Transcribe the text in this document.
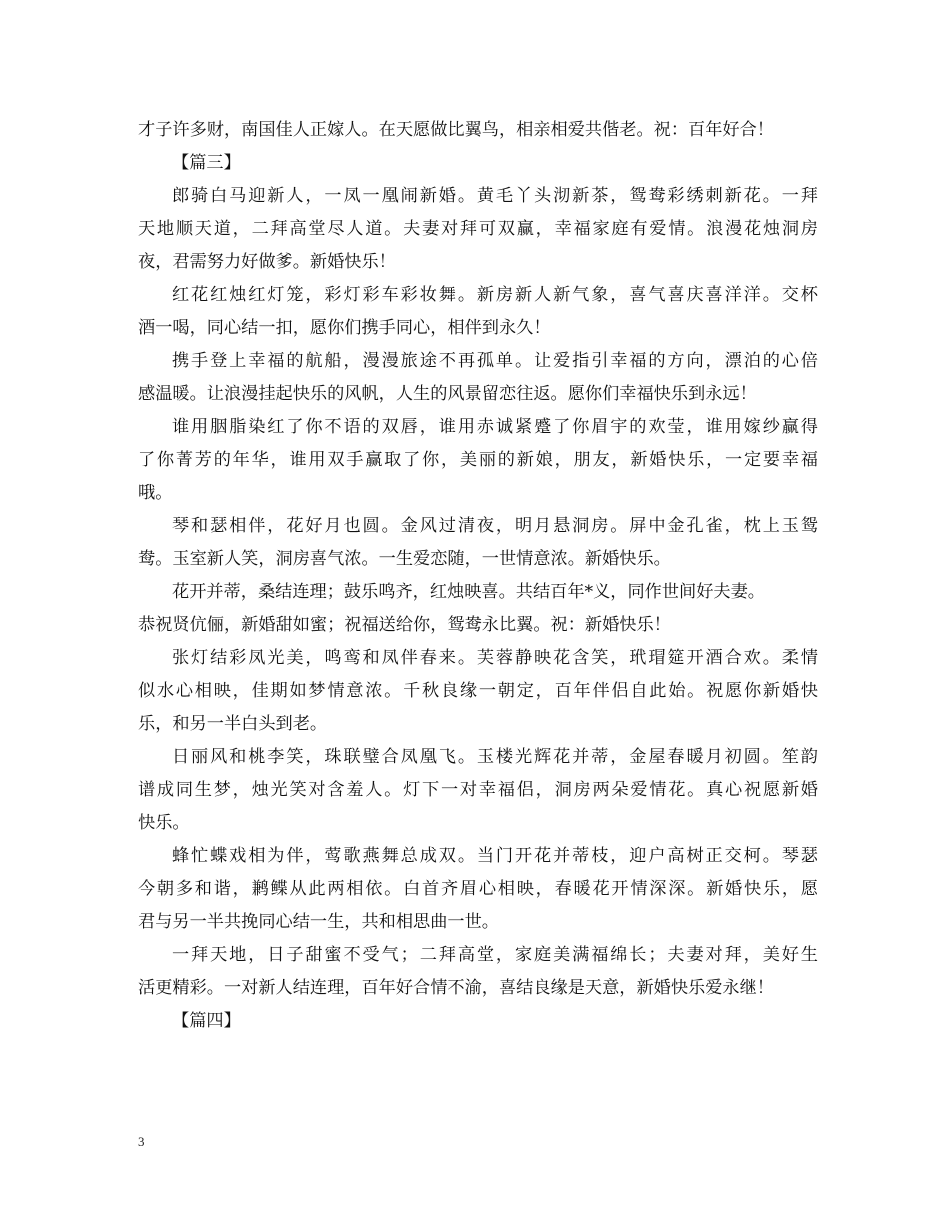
才子许多财，南国佳人正嫁人。在天愿做比翼鸟，相亲相爱共偕老。祝：百年好合！
【篇三】
郎骑白马迎新人，一凤一凰闹新婚。黄毛丫头沏新茶，鸳鸯彩绣刺新花。一拜
天地顺天道，二拜高堂尽人道。夫妻对拜可双赢，幸福家庭有爱情。浪漫花烛洞房
夜，君需努力好做爹。新婚快乐！
红花红烛红灯笼，彩灯彩车彩妆舞。新房新人新气象，喜气喜庆喜洋洋。交杯
酒一喝，同心结一扣，愿你们携手同心，相伴到永久！
携手登上幸福的航船，漫漫旅途不再孤单。让爱指引幸福的方向，漂泊的心倍
感温暖。让浪漫挂起快乐的风帆，人生的风景留恋往返。愿你们幸福快乐到永远！
谁用胭脂染红了你不语的双唇，谁用赤诚紧蹙了你眉宇的欢莹，谁用嫁纱赢得
了你菁芳的年华，谁用双手赢取了你，美丽的新娘，朋友，新婚快乐，一定要幸福
哦。
琴和瑟相伴，花好月也圆。金风过清夜，明月悬洞房。屏中金孔雀，枕上玉鸳
鸯。玉室新人笑，洞房喜气浓。一生爱恋随，一世情意浓。新婚快乐。
花开并蒂，桑结连理；鼓乐鸣齐，红烛映喜。共结百年*义，同作世间好夫妻。
恭祝贤伉俪，新婚甜如蜜；祝福送给你，鸳鸯永比翼。祝：新婚快乐！
张灯结彩凤光美，鸣鸾和凤伴春来。芙蓉静映花含笑，玳瑁筵开酒合欢。柔情
似水心相映，佳期如梦情意浓。千秋良缘一朝定，百年伴侣自此始。祝愿你新婚快
乐，和另一半白头到老。
日丽风和桃李笑，珠联璧合凤凰飞。玉楼光辉花并蒂，金屋春暖月初圆。笙韵
谱成同生梦，烛光笑对含羞人。灯下一对幸福侣，洞房两朵爱情花。真心祝愿新婚
快乐。
蜂忙蝶戏相为伴，莺歌燕舞总成双。当门开花并蒂枝，迎户高树正交柯。琴瑟
今朝多和谐，鹣鲽从此两相依。白首齐眉心相映，春暖花开情深深。新婚快乐，愿
君与另一半共挽同心结一生，共和相思曲一世。
一拜天地，日子甜蜜不受气；二拜高堂，家庭美满福绵长；夫妻对拜，美好生
活更精彩。一对新人结连理，百年好合情不渝，喜结良缘是天意，新婚快乐爱永继！
【篇四】
3
